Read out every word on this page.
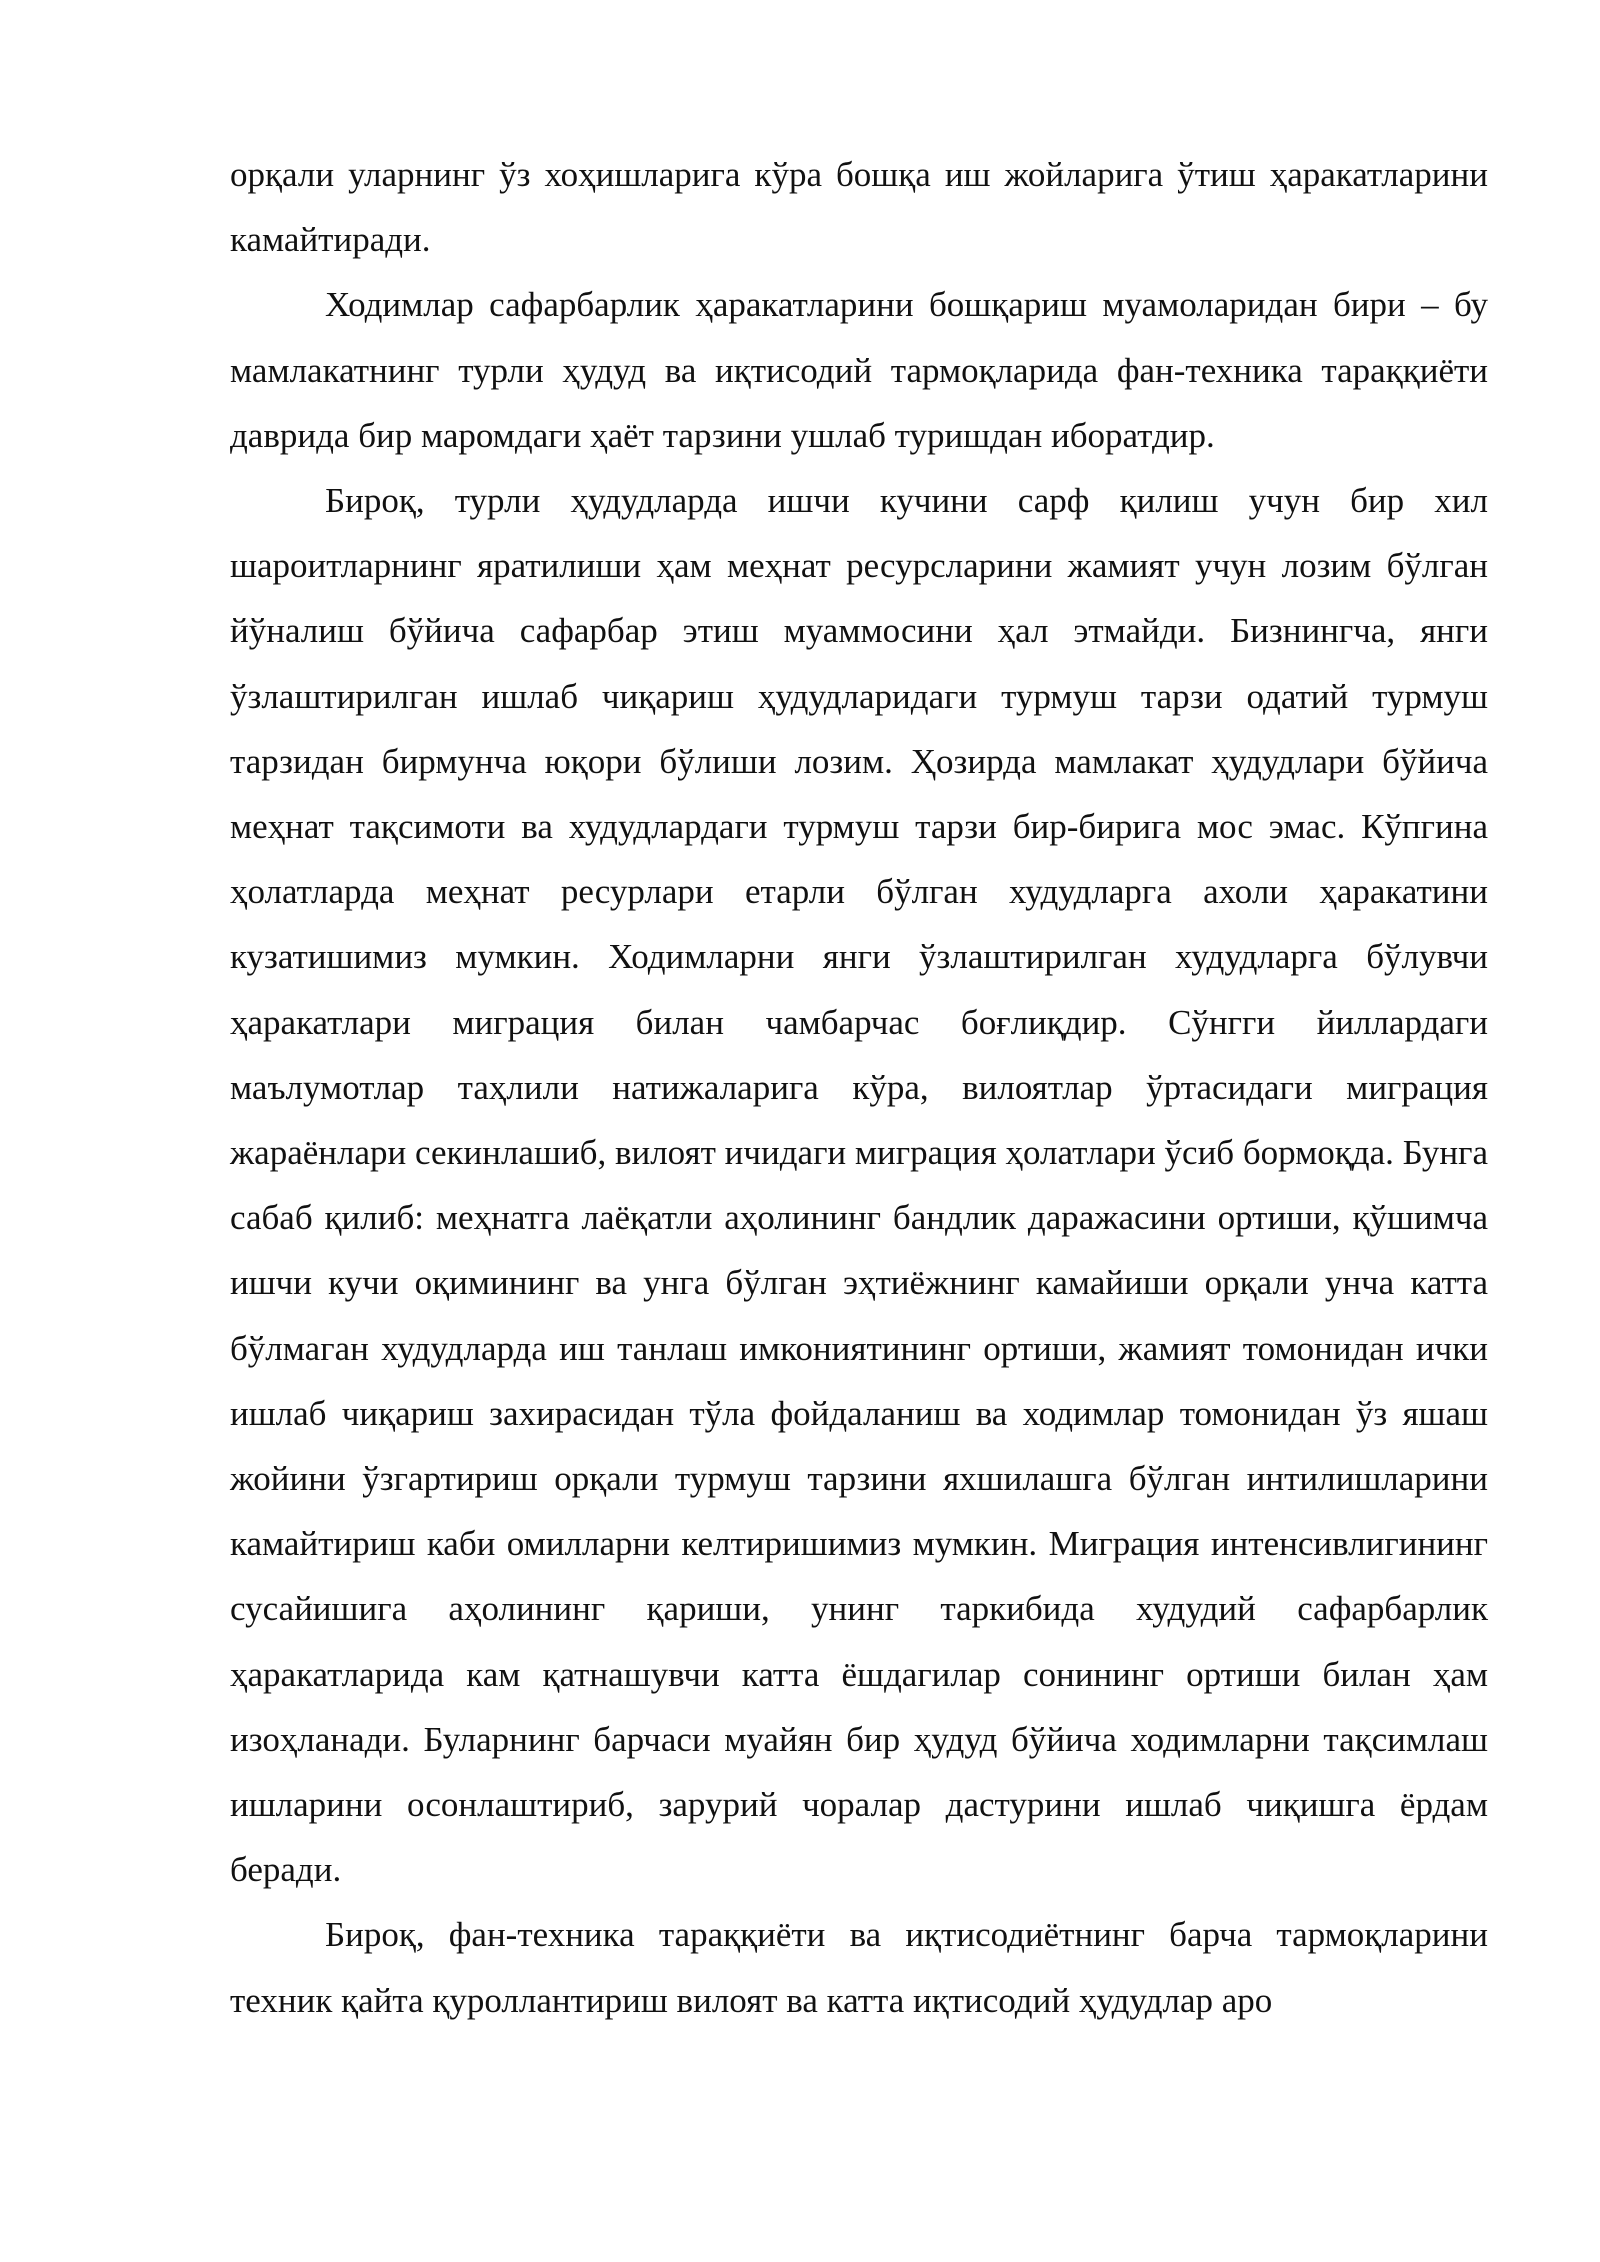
орқали уларнинг ўз хоҳишларига кўра бошқа иш жойларига ўтиш ҳаракатларини камайтиради.

Ходимлар сафарбарлик ҳаракатларини бошқариш муамоларидан бири – бу мамлакатнинг турли ҳудуд ва иқтисодий тармоқларида фан-техника тараққиёти даврида бир маромдаги ҳаёт тарзини ушлаб туришдан иборатдир.

Бироқ, турли ҳудудларда ишчи кучини сарф қилиш учун бир хил шароитларнинг яратилиши ҳам меҳнат ресурсларини жамият учун лозим бўлган йўналиш бўйича сафарбар этиш муаммосини ҳал этмайди. Бизнингча, янги ўзлаштирилган ишлаб чиқариш ҳудудларидаги турмуш тарзи одатий турмуш тарзидан бирмунча юқори бўлиши лозим. Ҳозирда мамлакат ҳудудлари бўйича меҳнат тақсимоти ва худудлардаги турмуш тарзи бир-бирига мос эмас. Кўпгина ҳолатларда меҳнат ресурлари етарли бўлган худудларга ахоли ҳаракатини кузатишимиз мумкин. Ходимларни янги ўзлаштирилган худудларга бўлувчи ҳаракатлари миграция билан чамбарчас боғлиқдир. Сўнгги йиллардаги маълумотлар таҳлили натижаларига кўра, вилоятлар ўртасидаги миграция жараёнлари секинлашиб, вилоят ичидаги миграция ҳолатлари ўсиб бормоқда. Бунга сабаб қилиб: меҳнатга лаёқатли аҳолининг бандлик даражасини ортиши, қўшимча ишчи кучи оқимининг ва унга бўлган эҳтиёжнинг камайиши орқали унча катта бўлмаган худудларда иш танлаш имкониятининг ортиши, жамият томонидан ички ишлаб чиқариш захирасидан тўла фойдаланиш ва ходимлар томонидан ўз яшаш жойини ўзгартириш орқали турмуш тарзини яхшилашга бўлган интилишларини камайтириш каби омилларни келтиришимиз мумкин. Миграция интенсивлигининг сусайишига аҳолининг қариши, унинг таркибида худудий сафарбарлик ҳаракатларида кам қатнашувчи катта ёшдагилар сонининг ортиши билан ҳам изоҳланади. Буларнинг барчаси муайян бир ҳудуд бўйича ходимларни тақсимлаш ишларини осонлаштириб, зарурий чоралар дастурини ишлаб чиқишга ёрдам беради.

Бироқ, фан-техника тараққиёти ва иқтисодиётнинг барча тармоқларини техник қайта қуроллантириш вилоят ва катта иқтисодий ҳудудлар аро
